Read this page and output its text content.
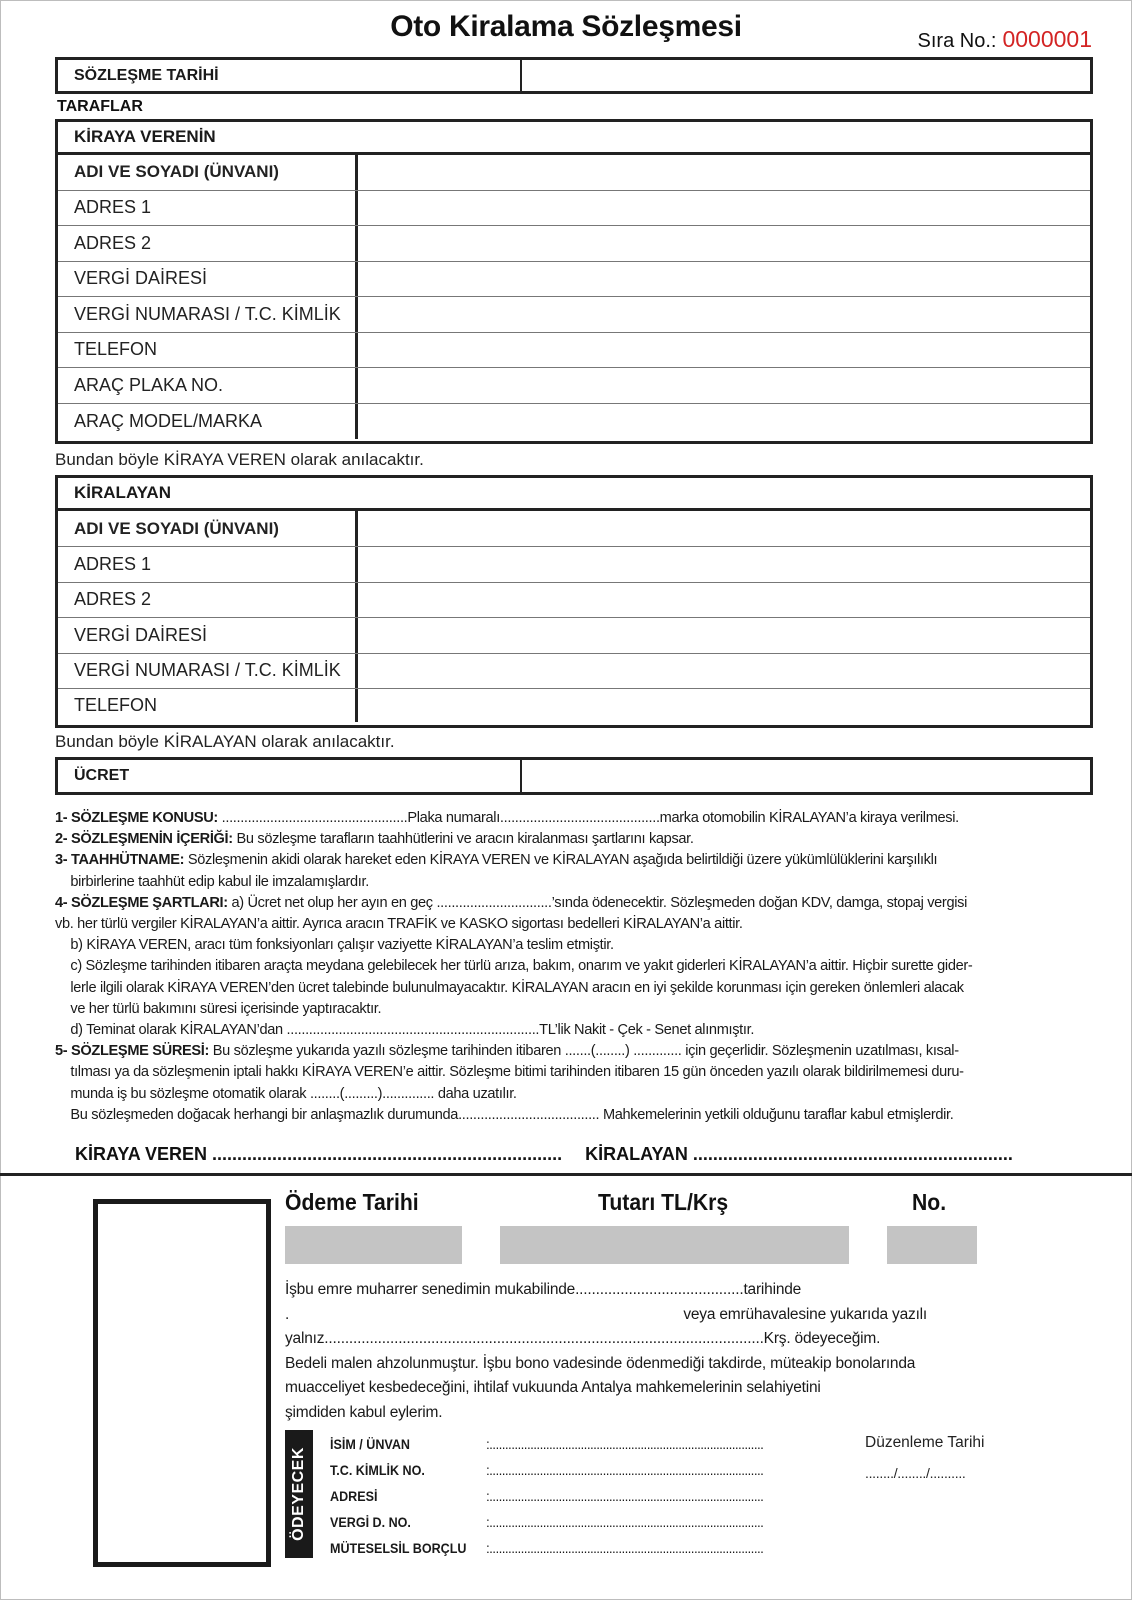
Oto Kiralama Sözleşmesi	Sıra No.: 0000001
SÖZLEŞME TARİHİ
TARAFLAR
KİRAYA VERENİN
ADI VE SOYADI (ÜNVANI)
ADRES 1
ADRES 2
VERGİ DAİRESİ
VERGİ NUMARASI / T.C. KİMLİK
TELEFON
ARAÇ PLAKA NO.
ARAÇ MODEL/MARKA
Bundan böyle KİRAYA VEREN olarak anılacaktır.
KİRALAYAN
ADI VE SOYADI (ÜNVANI)
ADRES 1
ADRES 2
VERGİ DAİRESİ
VERGİ NUMARASI / T.C. KİMLİK
TELEFON
Bundan böyle KİRALAYAN olarak anılacaktır.
ÜCRET

1- SÖZLEŞME KONUSU: ..................................................Plaka numaralı...........................................marka otomobilin KİRALAYAN’a kiraya verilmesi.

2- SÖZLEŞMENİN İÇERİĞİ: Bu sözleşme tarafların taahhütlerini ve aracın kiralanması şartlarını kapsar.

3- TAAHHÜTNAME: Sözleşmenin akidi olarak hareket eden KİRAYA VEREN ve KİRALAYAN aşağıda belirtildiği üzere yükümlülüklerini karşılıklı

birbirlerine taahhüt edip kabul ile imzalamışlardır.

4- SÖZLEŞME ŞARTLARI: a) Ücret net olup her ayın en geç ...............................’sında ödenecektir. Sözleşmeden doğan KDV, damga, stopaj vergisi

vb. her türlü vergiler KİRALAYAN’a aittir. Ayrıca aracın TRAFİK ve KASKO sigortası bedelleri KİRALAYAN’a aittir.

b) KİRAYA VEREN, aracı tüm fonksiyonları çalışır vaziyette KİRALAYAN’a teslim etmiştir.

c) Sözleşme tarihinden itibaren araçta meydana gelebilecek her türlü arıza, bakım, onarım ve yakıt giderleri KİRALAYAN’a aittir. Hiçbir surette gider-

lerle ilgili olarak KİRAYA VEREN’den ücret talebinde bulunulmayacaktır. KİRALAYAN aracın en iyi şekilde korunması için gereken önlemleri alacak

ve her türlü bakımını süresi içerisinde yaptıracaktır.

d) Teminat olarak KİRALAYAN’dan ....................................................................TL’lik Nakit - Çek - Senet alınmıştır.

5- SÖZLEŞME SÜRESİ: Bu sözleşme yukarıda yazılı sözleşme tarihinden itibaren .......(........) ............. için geçerlidir. Sözleşmenin uzatılması, kısal-

tılması ya da sözleşmenin iptali hakkı KİRAYA VEREN’e aittir. Sözleşme bitimi tarihinden itibaren 15 gün önceden yazılı olarak bildirilmemesi duru-

munda iş bu sözleşme otomatik olarak ........(.........).............. daha uzatılır.

Bu sözleşmeden doğacak herhangi bir anlaşmazlık durumunda...................................... Mahkemelerinin yetkili olduğunu taraflar kabul etmişlerdir.

KİRAYA VEREN ...................................................................... KİRALAYAN ................................................................
Ödeme Tarihi	Tutarı TL/Krş	No.

İşbu emre muharrer senedimin mukabilinde.........................................tarihinde

.                                                                                                veya emrühavalesine yukarıda yazılı

yalnız...........................................................................................................Krş. ödeyeceğim.

Bedeli malen ahzolunmuştur. İşbu bono vadesinde ödenmediği takdirde, müteakip bonolarında

muacceliyet kesbedeceğini, ihtilaf vukuunda Antalya mahkemelerinin selahiyetini

şimdiden kabul eylerim.

ÖDEYECEK
İSİM / ÜNVAN	:.......................................................................................
T.C. KİMLİK NO.	:.......................................................................................
ADRESİ	:.......................................................................................
VERGİ D. NO.	:.......................................................................................
MÜTESELSİL BORÇLU	:.......................................................................................
Düzenleme Tarihi
......../......../..........
